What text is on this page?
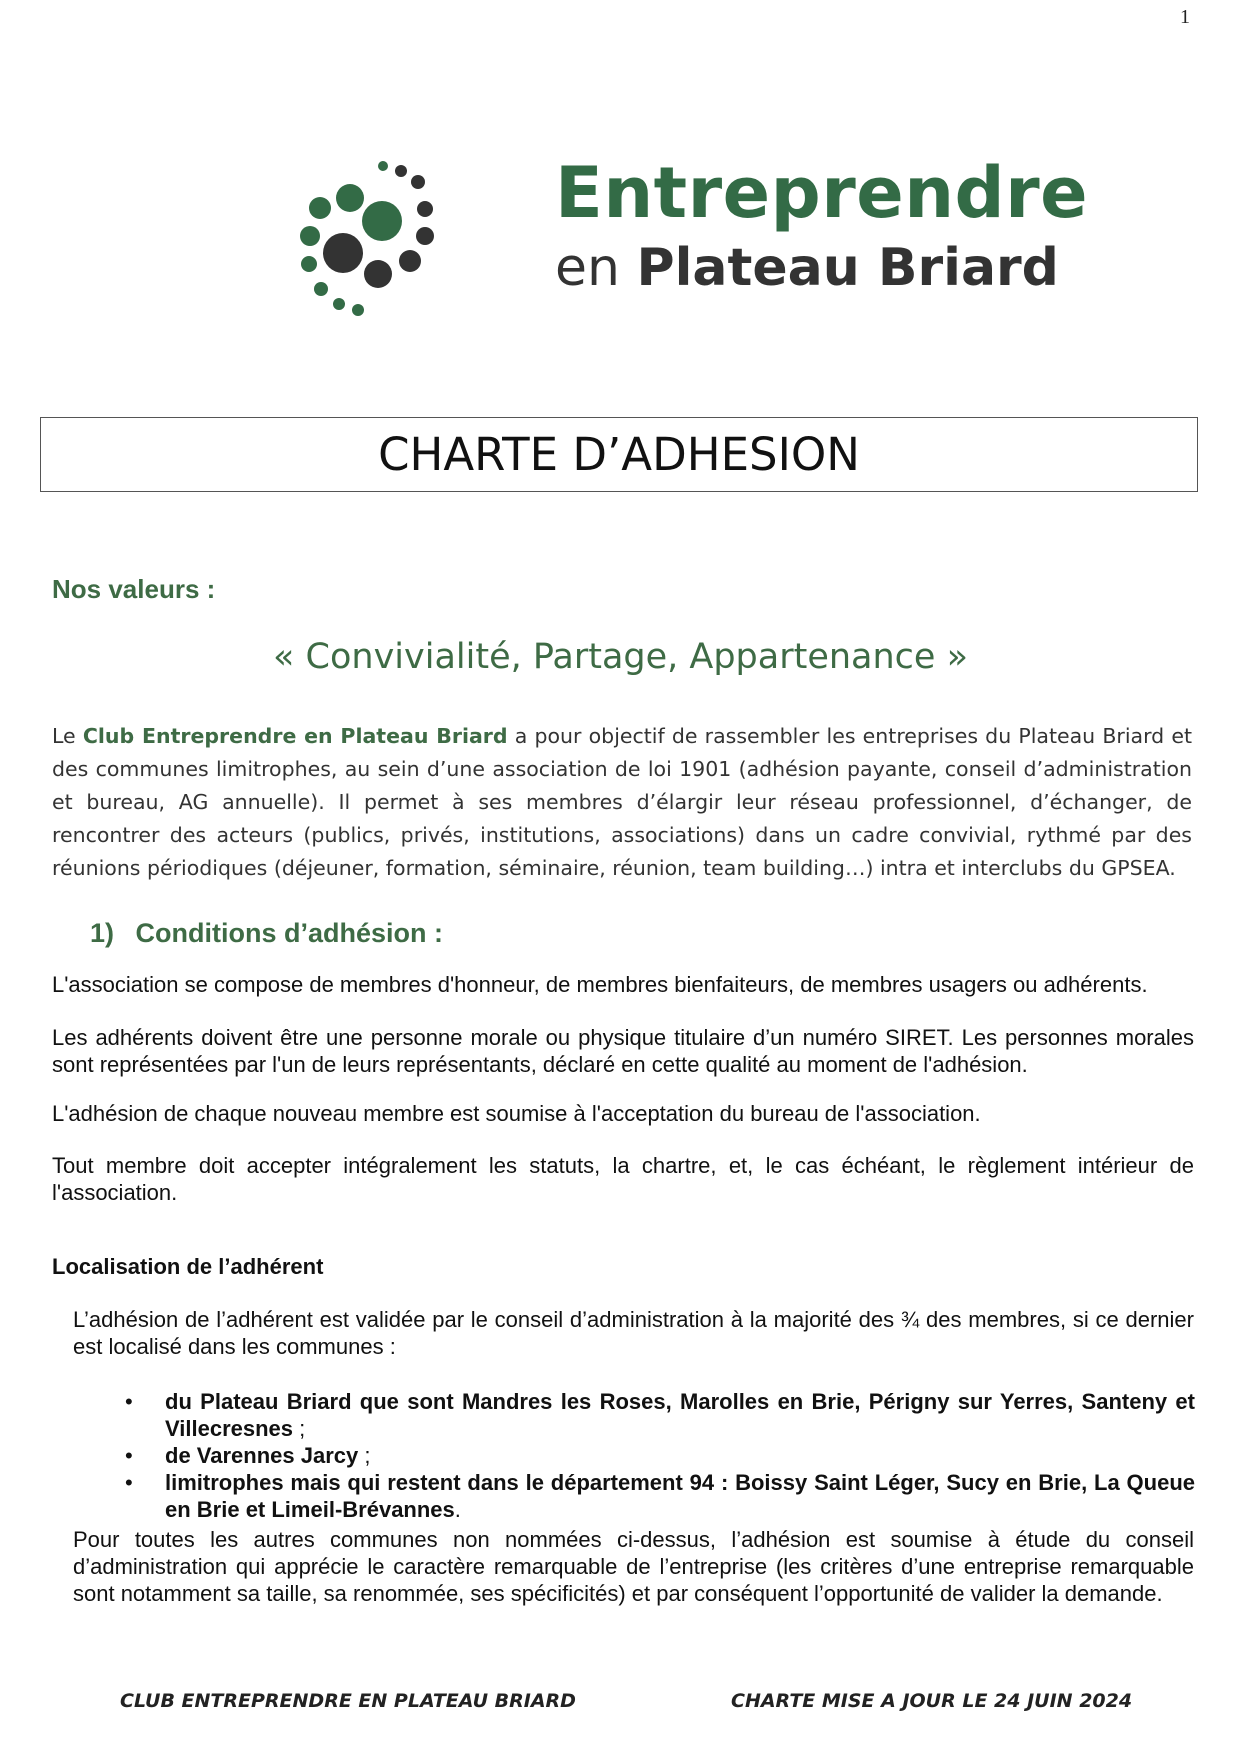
1
Entreprendre
en Plateau Briard
CHARTE D’ADHESION
Nos valeurs :
« Convivialité, Partage, Appartenance »
Le Club Entreprendre en Plateau Briard a pour objectif de rassembler les entreprises du Plateau Briard et des communes limitrophes, au sein d’une association de loi 1901 (adhésion payante, conseil d’administration et bureau, AG annuelle). Il permet à ses membres d’élargir leur réseau professionnel, d’échanger, de rencontrer des acteurs (publics, privés, institutions, associations) dans un cadre convivial, rythmé par des réunions périodiques (déjeuner, formation, séminaire, réunion, team building…) intra et interclubs du GPSEA.
1) Conditions d’adhésion :
L'association se compose de membres d'honneur, de membres bienfaiteurs, de membres usagers ou adhérents.
Les adhérents doivent être une personne morale ou physique titulaire d’un numéro SIRET. Les personnes morales sont représentées par l'un de leurs représentants, déclaré en cette qualité au moment de l'adhésion.
L'adhésion de chaque nouveau membre est soumise à l'acceptation du bureau de l'association.
Tout membre doit accepter intégralement les statuts, la chartre, et, le cas échéant, le règlement intérieur de l'association.
Localisation de l’adhérent
L’adhésion de l’adhérent est validée par le conseil d’administration à la majorité des ¾ des membres, si ce dernier est localisé dans les communes :
• du Plateau Briard que sont Mandres les Roses, Marolles en Brie, Périgny sur Yerres, Santeny et Villecresnes ;
• de Varennes Jarcy ;
• limitrophes mais qui restent dans le département 94 : Boissy Saint Léger, Sucy en Brie, La Queue en Brie et Limeil-Brévannes.
Pour toutes les autres communes non nommées ci-dessus, l’adhésion est soumise à étude du conseil d’administration qui apprécie le caractère remarquable de l’entreprise (les critères d’une entreprise remarquable sont notamment sa taille, sa renommée, ses spécificités) et par conséquent l’opportunité de valider la demande.
CLUB ENTREPRENDRE EN PLATEAU BRIARD	CHARTE MISE A JOUR LE 24 JUIN 2024
